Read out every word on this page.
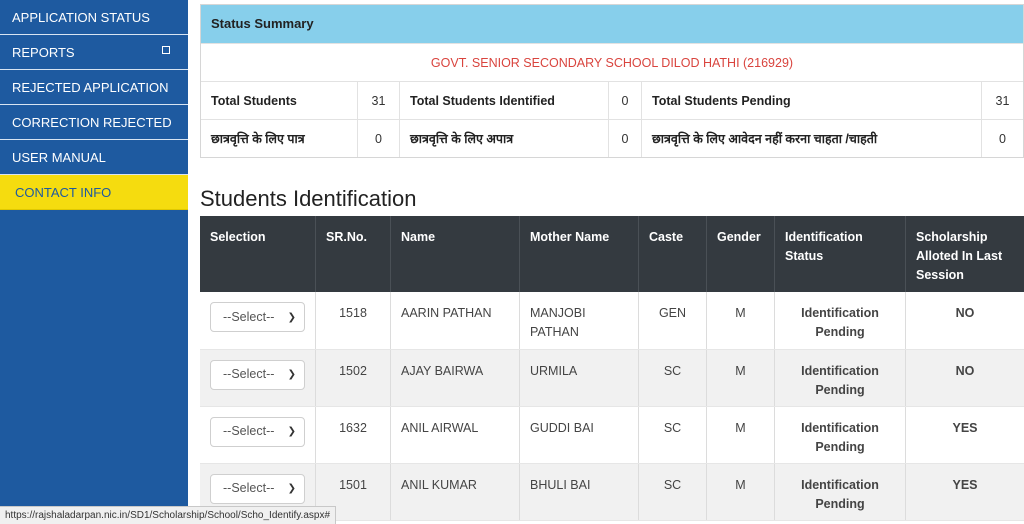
APPLICATION STATUS
REPORTS
REJECTED APPLICATION
CORRECTION REJECTED
USER MANUAL
CONTACT INFO
https://rajshaladarpan.nic.in/SD1/Scholarship/School/Scho_Identify.aspx#
Status Summary
GOVT. SENIOR SECONDARY SCHOOL DILOD HATHI (216929)
Total Students	31	Total Students Identified	0	Total Students Pending	31
छात्रवृत्ति के लिए पात्र	0	छात्रवृत्ति के लिए अपात्र	0	छात्रवृत्ति के लिए आवेदन नहीं करना चाहता /चाहती	0
Students Identification
Selection	SR.No.	Name	Mother Name	Caste	Gender	Identification Status	Scholarship Alloted In Last Session

--Select-- ❯	1518	AARIN PATHAN	MANJOBI PATHAN	GEN	M	Identification Pending	NO

--Select-- ❯	1502	AJAY BAIRWA	URMILA	SC	M	Identification Pending	NO

--Select-- ❯	1632	ANIL AIRWAL	GUDDI BAI	SC	M	Identification Pending	YES

--Select-- ❯	1501	ANIL KUMAR	BHULI BAI	SC	M	Identification Pending	YES
